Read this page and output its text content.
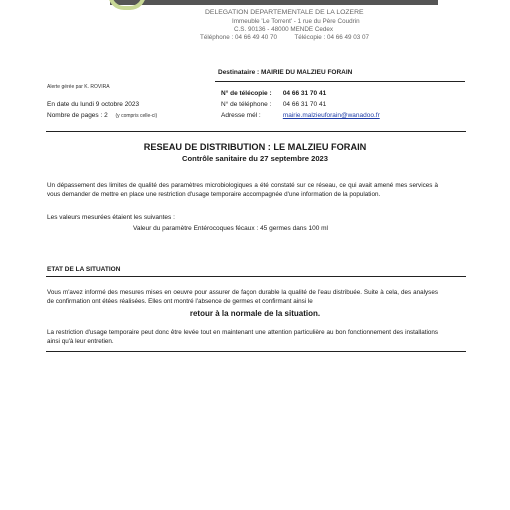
DELEGATION DEPARTEMENTALE DE LA LOZERE
Immeuble 'Le Torrent' - 1 rue du Père Coudrin
C.S. 90136 - 48000 MENDE Cedex
Téléphone : 04 66 49 40 70	Télécopie : 04 66 49 03 07
Destinataire : MAIRIE DU MALZIEU FORAIN
Alerte gérée par K. ROVIRA
En date du lundi 9 octobre 2023
Nombre de pages : 2 (y compris celle-ci)
N° de télécopie : 04 66 31 70 41
N° de téléphone : 04 66 31 70 41
Adresse mél :	mairie.malzieuforain@wanadoo.fr
RESEAU DE DISTRIBUTION : LE MALZIEU FORAIN
Contrôle sanitaire du 27 septembre 2023
Un dépassement des limites de qualité des paramètres microbiologiques a été constaté sur ce réseau, ce qui avait amené mes services à vous demander de mettre en place une restriction d'usage temporaire accompagnée d'une information de la population.
Les valeurs mesurées étaient les suivantes :
Valeur du paramètre Entérocoques fécaux : 45 germes dans 100 ml
ETAT DE LA SITUATION
Vous m'avez informé des mesures mises en oeuvre pour assurer de façon durable la qualité de l'eau distribuée. Suite à cela, des analyses de confirmation ont étées réalisées. Elles ont montré l'absence de germes et confirmant ainsi le
retour à la normale de la situation.
La restriction d'usage temporaire peut donc être levée tout en maintenant une attention particulière au bon fonctionnement des installations ainsi qu'à leur entretien.
